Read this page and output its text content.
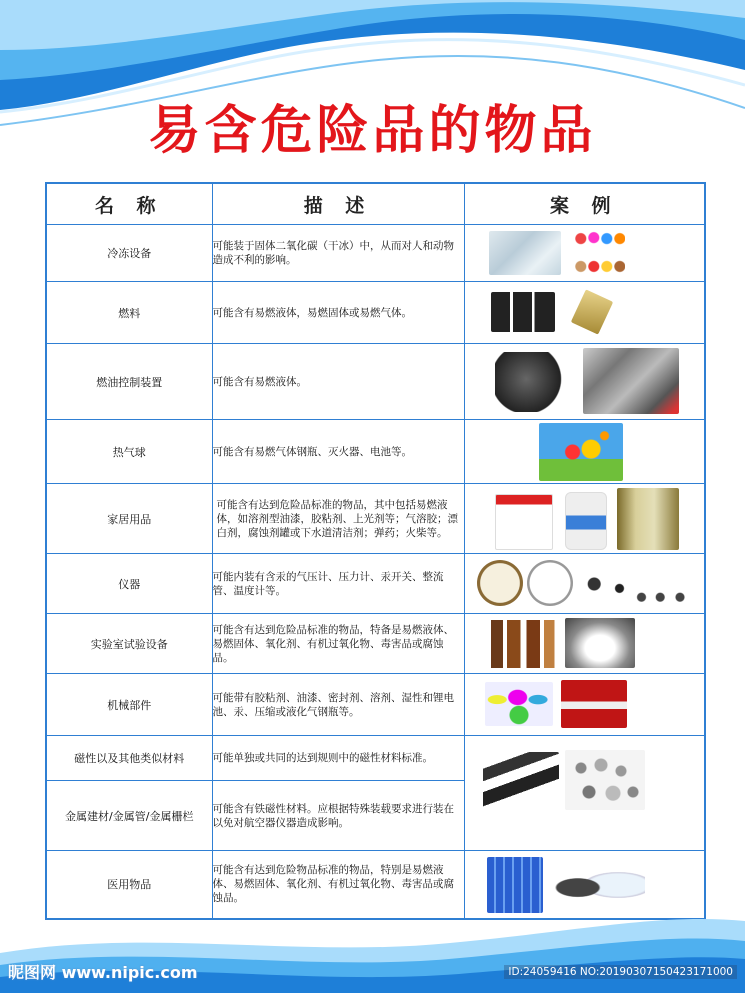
易含危险品的物品
名 称	描 述	案 例
冷冻设备	可能装于固体二氧化碳（干冰）中，从而对人和动物造成不利的影响。	

燃料	可能含有易燃液体，易燃固体或易燃气体。	

燃油控制装置	可能含有易燃液体。	

热气球	可能含有易燃气体钢瓶、灭火器、电池等。	

家居用品	可能含有达到危险品标准的物品，其中包括易燃液体，如溶剂型油漆，胶粘剂、上光剂等；气溶胶；漂白剂，腐蚀剂罐或下水道清洁剂；弹药；火柴等。	

仪器	可能内装有含汞的气压计、压力计、汞开关、整流管、温度计等。	

实验室试验设备	可能含有达到危险品标准的物品，特备是易燃液体、易燃固体、氧化剂、有机过氧化物、毒害品或腐蚀品。	

机械部件	可能带有胶粘剂、油漆、密封剂、溶剂、湿性和锂电池、汞、压缩或液化气钢瓶等。	

磁性以及其他类似材料	可能单独或共同的达到规则中的磁性材料标准。	

金属建材/金属管/金属栅栏	可能含有铁磁性材料。应根据特殊装载要求进行装在以免对航空器仪器造成影响。	
医用物品	可能含有达到危险物品标准的物品，特别是易燃液体、易燃固体、氧化剂、有机过氧化物、毒害品或腐蚀品。	
昵图网 www.nipic.com	ID:24059416 NO:20190307150423171000
